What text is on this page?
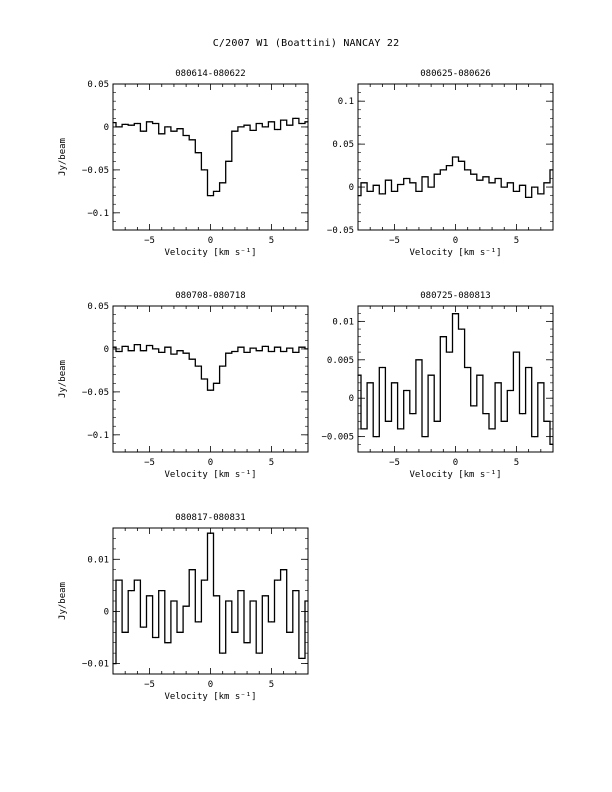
C/2007 W1 (Boattini) NANCAY 22
080614-080622
−5	0	5
−0.1
−0.05
0
0.05
Velocity [km s⁻¹]
Jy/beam
080625-080626
−5	0	5
−0.05
0
0.05
0.1
Velocity [km s⁻¹]
080708-080718
−5	0	5
−0.1
−0.05
0
0.05
Velocity [km s⁻¹]
Jy/beam
080725-080813
−5	0	5
−0.005
0
0.005
0.01
Velocity [km s⁻¹]
080817-080831
−5	0	5
−0.01
0
0.01
Velocity [km s⁻¹]
Jy/beam
